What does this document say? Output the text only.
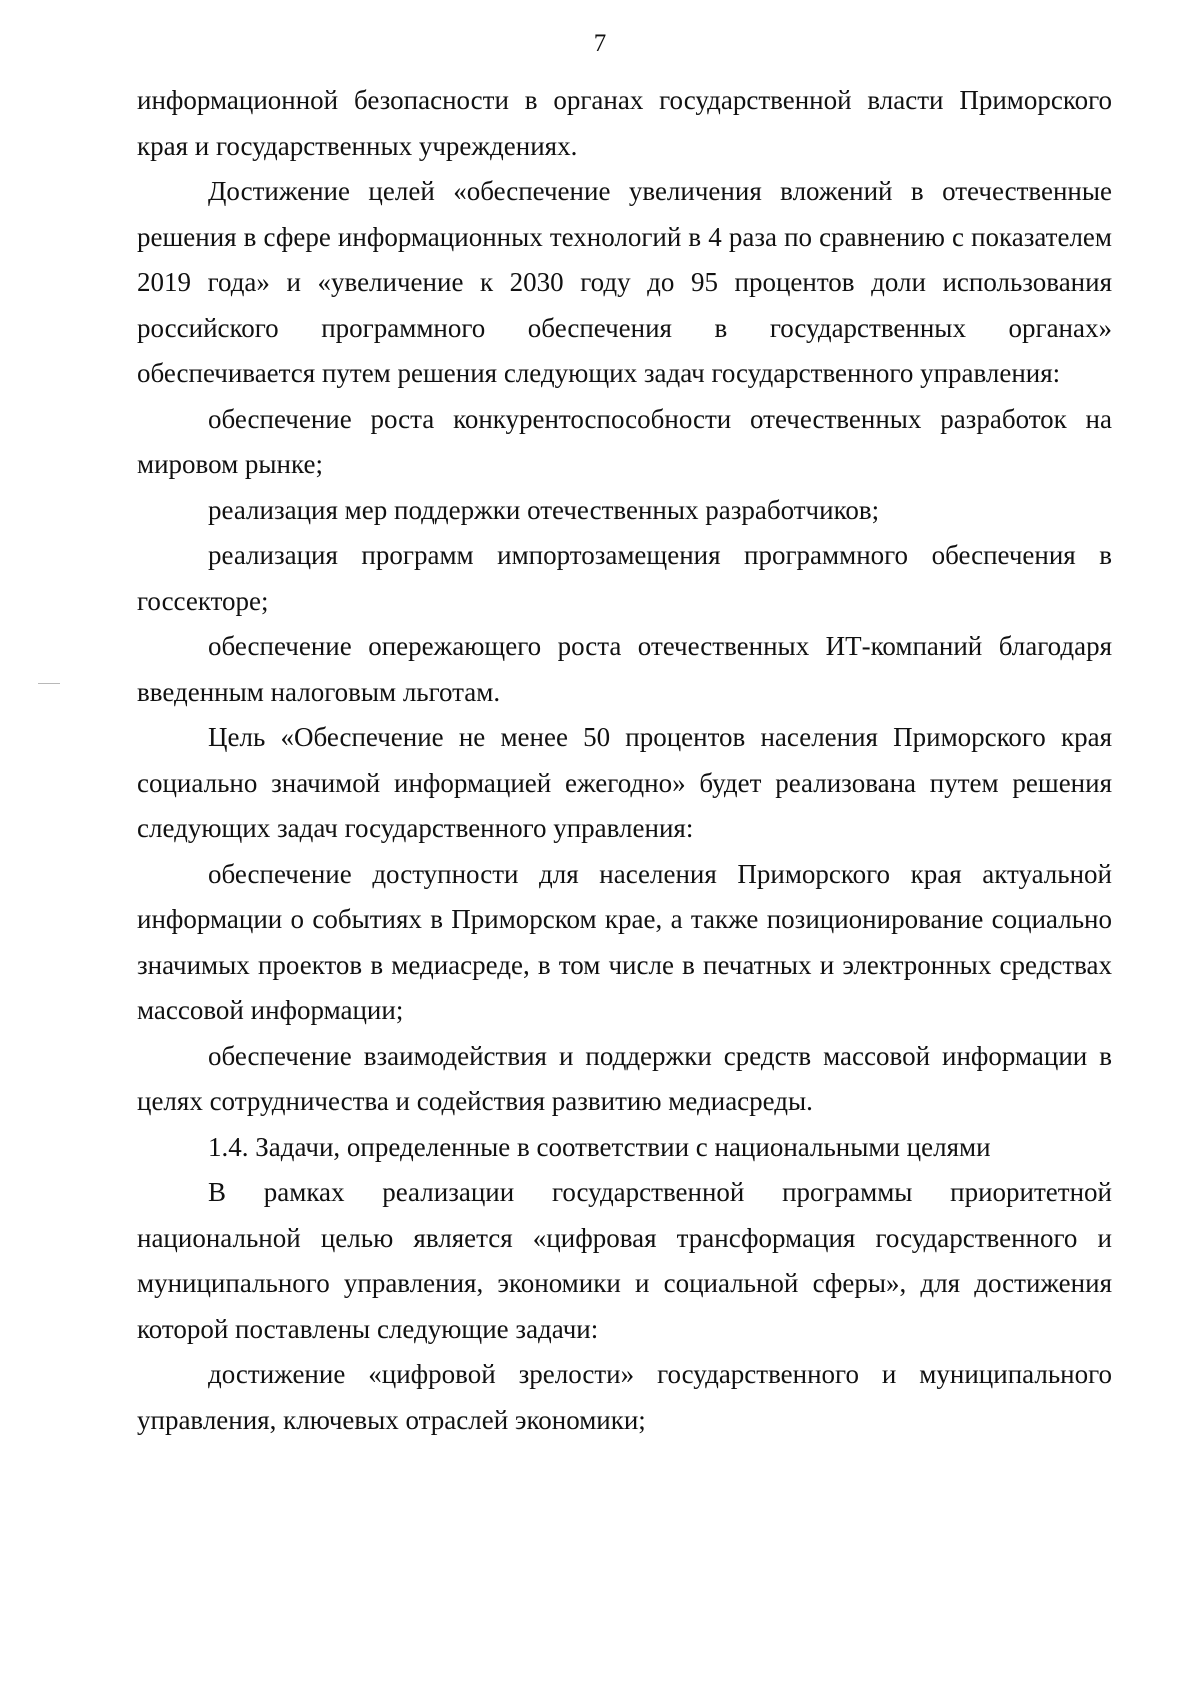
7

информационной безопасности в органах государственной власти Приморского края и государственных учреждениях.

Достижение целей «обеспечение увеличения вложений в отечественные решения в сфере информационных технологий в 4 раза по сравнению с показателем 2019 года» и «увеличение к 2030 году до 95 процентов доли использования российского программного обеспечения в государственных органах» обеспечивается путем решения следующих задач государственного управления:

обеспечение роста конкурентоспособности отечественных разработок на мировом рынке;

реализация мер поддержки отечественных разработчиков;

реализация программ импортозамещения программного обеспечения в госсекторе;

обеспечение опережающего роста отечественных ИТ-компаний благодаря введенным налоговым льготам.

Цель «Обеспечение не менее 50 процентов населения Приморского края социально значимой информацией ежегодно» будет реализована путем решения следующих задач государственного управления:

обеспечение доступности для населения Приморского края актуальной информации о событиях в Приморском крае, а также позиционирование социально значимых проектов в медиасреде, в том числе в печатных и электронных средствах массовой информации;

обеспечение взаимодействия и поддержки средств массовой информации в целях сотрудничества и содействия развитию медиасреды.

1.4. Задачи, определенные в соответствии с национальными целями

В рамках реализации государственной программы приоритетной национальной целью является «цифровая трансформация государственного и муниципального управления, экономики и социальной сферы», для достижения которой поставлены следующие задачи:

достижение «цифровой зрелости» государственного и муниципального управления, ключевых отраслей экономики;
